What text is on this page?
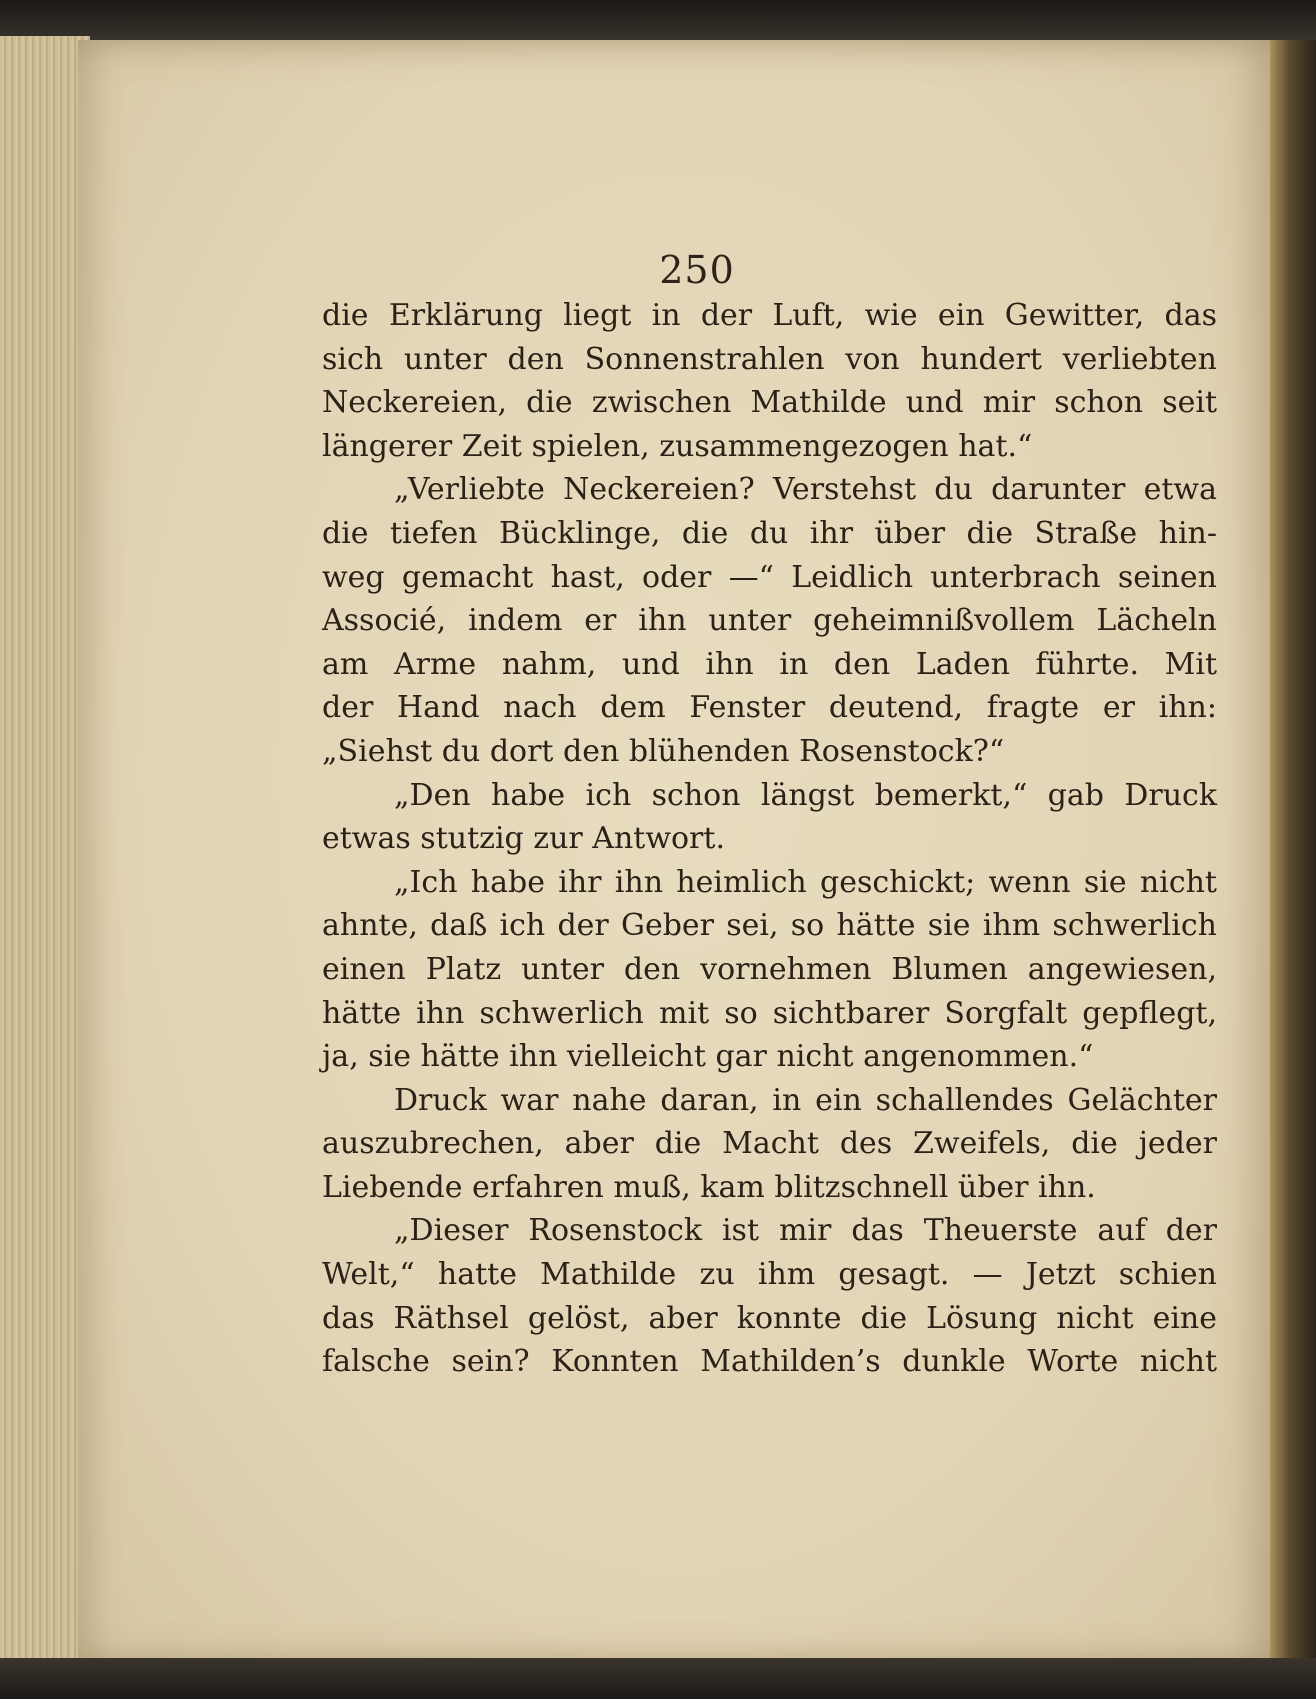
250
die Erklärung liegt in der Luft, wie ein Gewitter, das
sich unter den Sonnenstrahlen von hundert verliebten
Neckereien, die zwischen Mathilde und mir schon seit
längerer Zeit spielen, zusammengezogen hat.“
„Verliebte Neckereien? Verstehst du darunter etwa
die tiefen Bücklinge, die du ihr über die Straße hin-
weg gemacht hast, oder —“ Leidlich unterbrach seinen
Associé, indem er ihn unter geheimnißvollem Lächeln
am Arme nahm, und ihn in den Laden führte. Mit
der Hand nach dem Fenster deutend, fragte er ihn:
„Siehst du dort den blühenden Rosenstock?“
„Den habe ich schon längst bemerkt,“ gab Druck
etwas stutzig zur Antwort.
„Ich habe ihr ihn heimlich geschickt; wenn sie nicht
ahnte, daß ich der Geber sei, so hätte sie ihm schwerlich
einen Platz unter den vornehmen Blumen angewiesen,
hätte ihn schwerlich mit so sichtbarer Sorgfalt gepflegt,
ja, sie hätte ihn vielleicht gar nicht angenommen.“
Druck war nahe daran, in ein schallendes Gelächter
auszubrechen, aber die Macht des Zweifels, die jeder
Liebende erfahren muß, kam blitzschnell über ihn.
„Dieser Rosenstock ist mir das Theuerste auf der
Welt,“ hatte Mathilde zu ihm gesagt. — Jetzt schien
das Räthsel gelöst, aber konnte die Lösung nicht eine
falsche sein? Konnten Mathilden’s dunkle Worte nicht
